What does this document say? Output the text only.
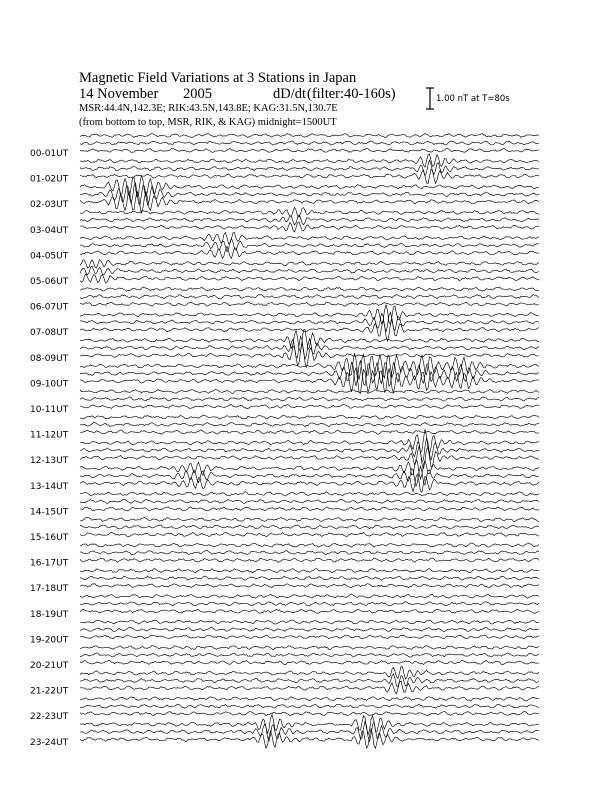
Magnetic Field Variations at 3 Stations in Japan
14 November 2005	dD/dt (filter:40-160s)
MSR:44.4N,142.3E; RIK:43.5N,143.8E; KAG:31.5N,130.7E
(from bottom to top, MSR, RIK, & KAG) midnight=1500UT
1.00 nT at T=80s
00-01UT
01-02UT
02-03UT
03-04UT
04-05UT
05-06UT
06-07UT
07-08UT
08-09UT
09-10UT
10-11UT
11-12UT
12-13UT
13-14UT
14-15UT
15-16UT
16-17UT
17-18UT
18-19UT
19-20UT
20-21UT
21-22UT
22-23UT
23-24UT
